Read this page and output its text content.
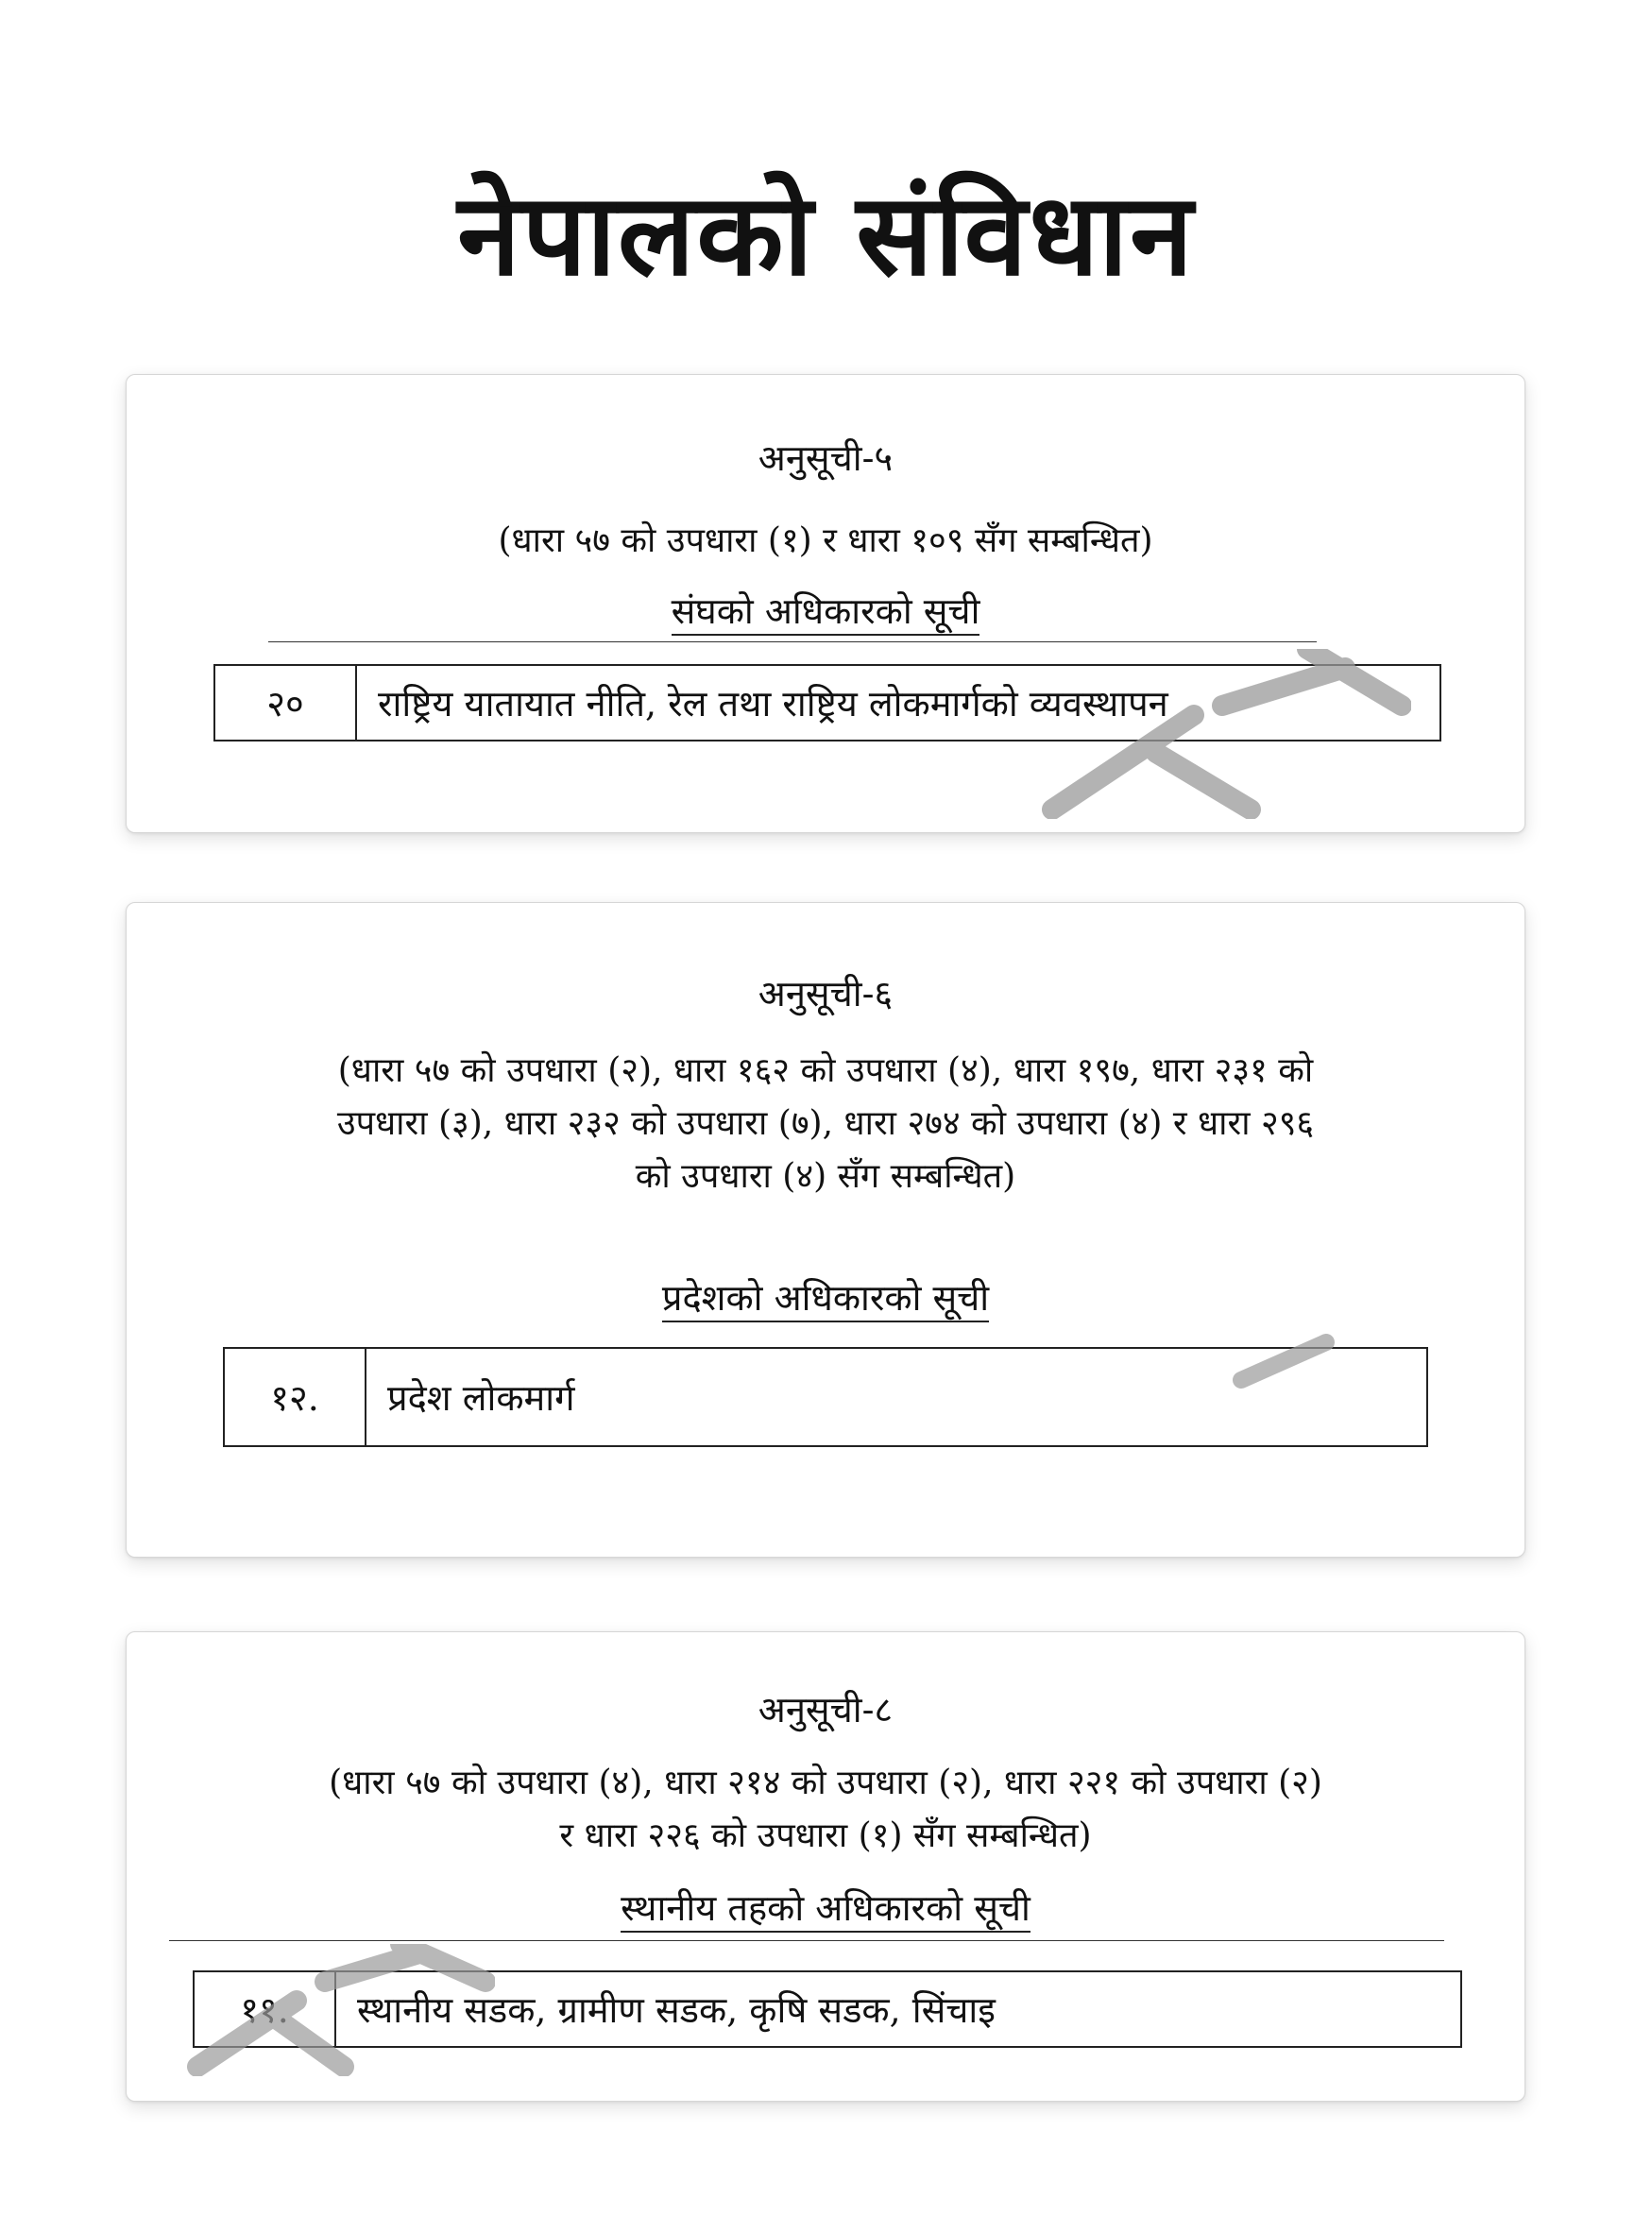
नेपालको संविधान
अनुसूची-५
(धारा ५७ को उपधारा (१) र धारा १०९ सँग सम्बन्धित)
संघको अधिकारको सूची
२०	राष्ट्रिय यातायात नीति, रेल तथा राष्ट्रिय लोकमार्गको व्यवस्थापन
अनुसूची-६
(धारा ५७ को उपधारा (२), धारा १६२ को उपधारा (४), धारा १९७, धारा २३१ को
उपधारा (३), धारा २३२ को उपधारा (७), धारा २७४ को उपधारा (४) र धारा २९६
को उपधारा (४) सँग सम्बन्धित)
प्रदेशको अधिकारको सूची
१२.	प्रदेश लोकमार्ग
अनुसूची-८
(धारा ५७ को उपधारा (४), धारा २१४ को उपधारा (२), धारा २२१ को उपधारा (२)
र धारा २२६ को उपधारा (१) सँग सम्बन्धित)
स्थानीय तहको अधिकारको सूची
११.	स्थानीय सडक, ग्रामीण सडक, कृषि सडक, सिंचाइ
